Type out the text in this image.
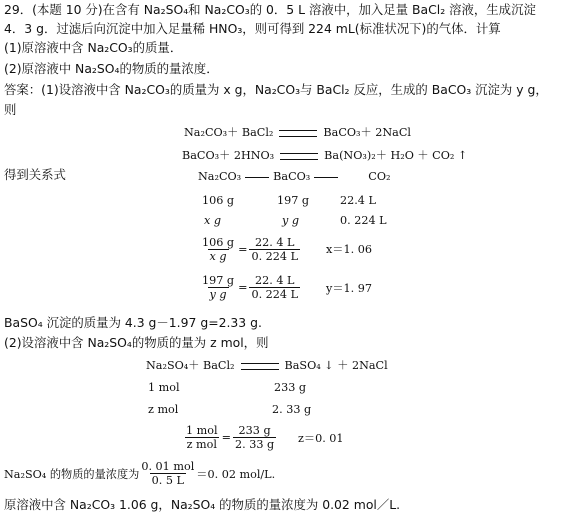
29．(本题 10 分)在含有 Na₂SO₄和 Na₂CO₃的 0．5 L 溶液中，加入足量 BaCl₂ 溶液，生成沉淀
4．3 g．过滤后向沉淀中加入足量稀 HNO₃，则可得到 224 mL(标准状况下)的气体．计算
(1)原溶液中含 Na₂CO₃的质量．
(2)原溶液中 Na₂SO₄的物质的量浓度．
答案：(1)设溶液中含 Na₂CO₃的质量为 x g，Na₂CO₃与 BaCl₂ 反应，生成的 BaCO₃ 沉淀为 y g，
则
Na₂CO₃＋ BaCl₂	BaCO₃＋ 2NaCl
BaCO₃＋ 2HNO₃	Ba(NO₃)₂＋ H₂O ＋ CO₂ ↑
得到关系式	Na₂CO₃	BaCO₃	CO₂
106 g	197 g	22.4 L
x g	y g	0. 224 L
$\frac{106 g}{\text{x g}} = \frac{22. 4 L}{0. 224 L} x=1$. 06
$\frac{197 g}{\text{y g}} = \frac{22. 4 L}{0. 224 L} y=1$. 97
BaSO₄ 沉淀的质量为 4.3 g－1.97 g=2.33 g.
(2)设溶液中含 Na₂SO₄的物质的量为 z mol，则
Na₂SO₄＋ BaCl₂	BaSO₄ ↓ ＋ 2NaCl
1 mol	233 g
z mol	2. 33 g
$\frac{\text{1 mol}}{\text{z mol}} = \frac{233 g}{2. 33 g} z=0$. 01
Na₂SO₄ 的物质的量浓度为 $\frac{\text{0. 01 mol}}{0. 5 L} =0$. 02 mol/L.
原溶液中含 Na₂CO₃ 1.06 g，Na₂SO₄ 的物质的量浓度为 0.02 mol／L.
